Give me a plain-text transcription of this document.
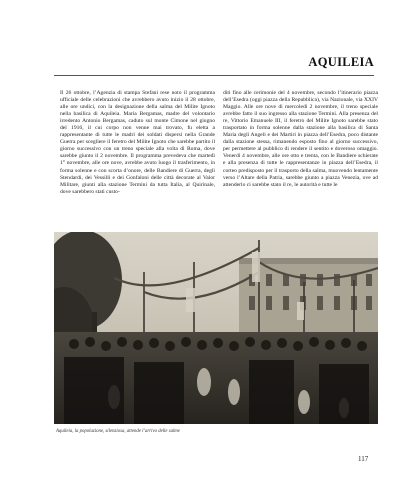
AQUILEIA

Il 26 ottobre, l’Agenzia di stampa Stefani rese noto il programma ufficiale delle celebrazioni che avrebbero avuto inizio il 28 ottobre, alle ore undici, con la designazione della salma del Milite Ignoto nella basilica di Aquileia. Maria Bergamas, madre del volontario irredento Antonio Bergamas, caduto sul monte Cimone nel giugno del 1916, il cui corpo non venne mai trovato, fu eletta a rappresentante di tutte le madri dei soldati dispersi nella Grande Guerra per scegliere il feretro del Milite Ignoto che sarebbe partito il giorno successivo con un treno speciale alla volta di Roma, dove sarebbe giunto il 2 novembre. Il programma prevedeva che martedì 1° novembre, alle ore nove, avrebbe avuto luogo il trasferimento, in forma solenne e con scorta d’onore, delle Bandiere di Guerra, degli Stendardi, dei Vessilli e dei Gonfaloni delle città decorate al Valor Militare, giunti alla stazione Termini da tutta Italia, al Quirinale, dove sarebbero stati custo-

diti fino alle cerimonie del 4 novembre, secondo l’itinerario piazza dell’Esedra (oggi piazza della Repubblica), via Nazionale, via XXIV Maggio. Alle ore nove di mercoledì 2 novembre, il treno speciale avrebbe fatto il suo ingresso alla stazione Termini. Alla presenza del re, Vittorio Emanuele III, il feretro del Milite Ignoto sarebbe stato trasportato in forma solenne dalla stazione alla basilica di Santa Maria degli Angeli e dei Martiri in piazza dell’Esedra, poco distante dalla stazione stessa, rimanendo esposto fino al giorno successivo, per permettere al pubblico di rendere il sentito e doveroso omaggio. Venerdì 4 novembre, alle ore otto e trenta, con le Bandiere schierate e alla presenza di tutte le rappresentanze in piazza dell’Esedra, il corteo predisposto per il trasporto della salma, muovendo lentamente verso l’Altare della Patria, sarebbe giunto a piazza Venezia, ove ad attenderlo ci sarebbe stato il re, le autorità e tutte le

Aquileia, la popolazione, silenziosa, attende l’arrivo delle salme
117
